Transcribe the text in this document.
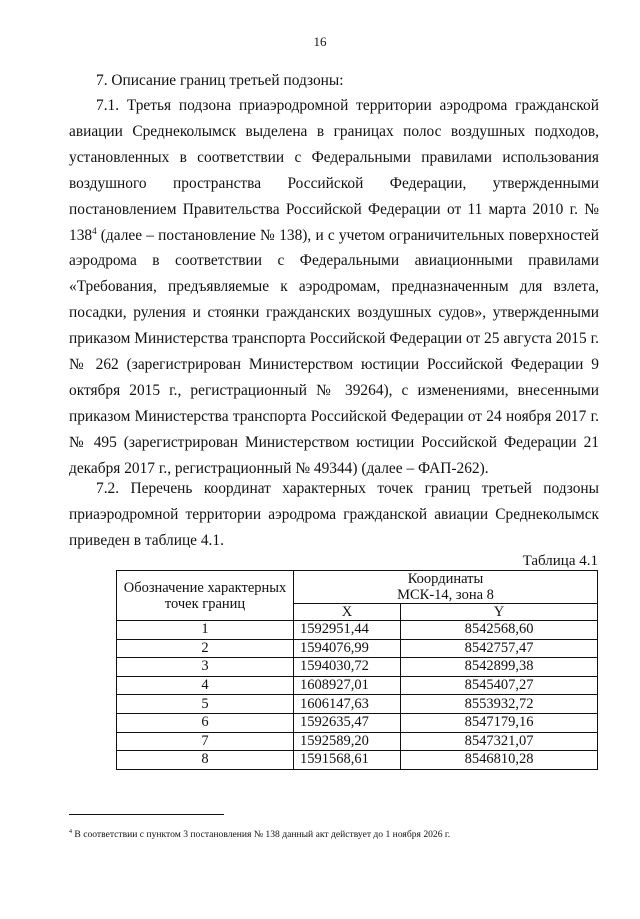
16

7. Описание границ третьей подзоны:

7.1. Третья подзона приаэродромной территории аэродрома гражданской авиации Среднеколымск выделена в границах полос воздушных подходов, установленных в соответствии с Федеральными правилами использования воздушного пространства Российской Федерации, утвержденными постановлением Правительства Российской Федерации от 11 марта 2010 г. № $138^4$ (далее – постановление № 138), и с учетом ограничительных поверхностей аэродрома в соответствии с Федеральными авиационными правилами «Требования, предъявляемые к аэродромам, предназначенным для взлета, посадки, руления и стоянки гражданских воздушных судов», утвержденными приказом Министерства транспорта Российской Федерации от 25 августа 2015 г. № 262 (зарегистрирован Министерством юстиции Российской Федерации 9 октября 2015 г., регистрационный № 39264), с изменениями, внесенными приказом Министерства транспорта Российской Федерации от 24 ноября 2017 г. № 495 (зарегистрирован Министерством юстиции Российской Федерации 21 декабря 2017 г., регистрационный № 49344) (далее – ФАП-262).

7.2. Перечень координат характерных точек границ третьей подзоны приаэродромной территории аэродрома гражданской авиации Среднеколымск приведен в таблице 4.1.

Таблица 4.1
Обозначение характерных точек границ	Координаты
МСК-14, зона 8	
	X	Y
1	1592951,44	8542568,60
2	1594076,99	8542757,47
3	1594030,72	8542899,38
4	1608927,01	8545407,27
5	1606147,63	8553932,72
6	1592635,47	8547179,16
7	1592589,20	8547321,07
8	1591568,61	8546810,28

$^4$ В соответствии с пунктом 3 постановления № 138 данный акт действует до 1 ноября 2026 г.
